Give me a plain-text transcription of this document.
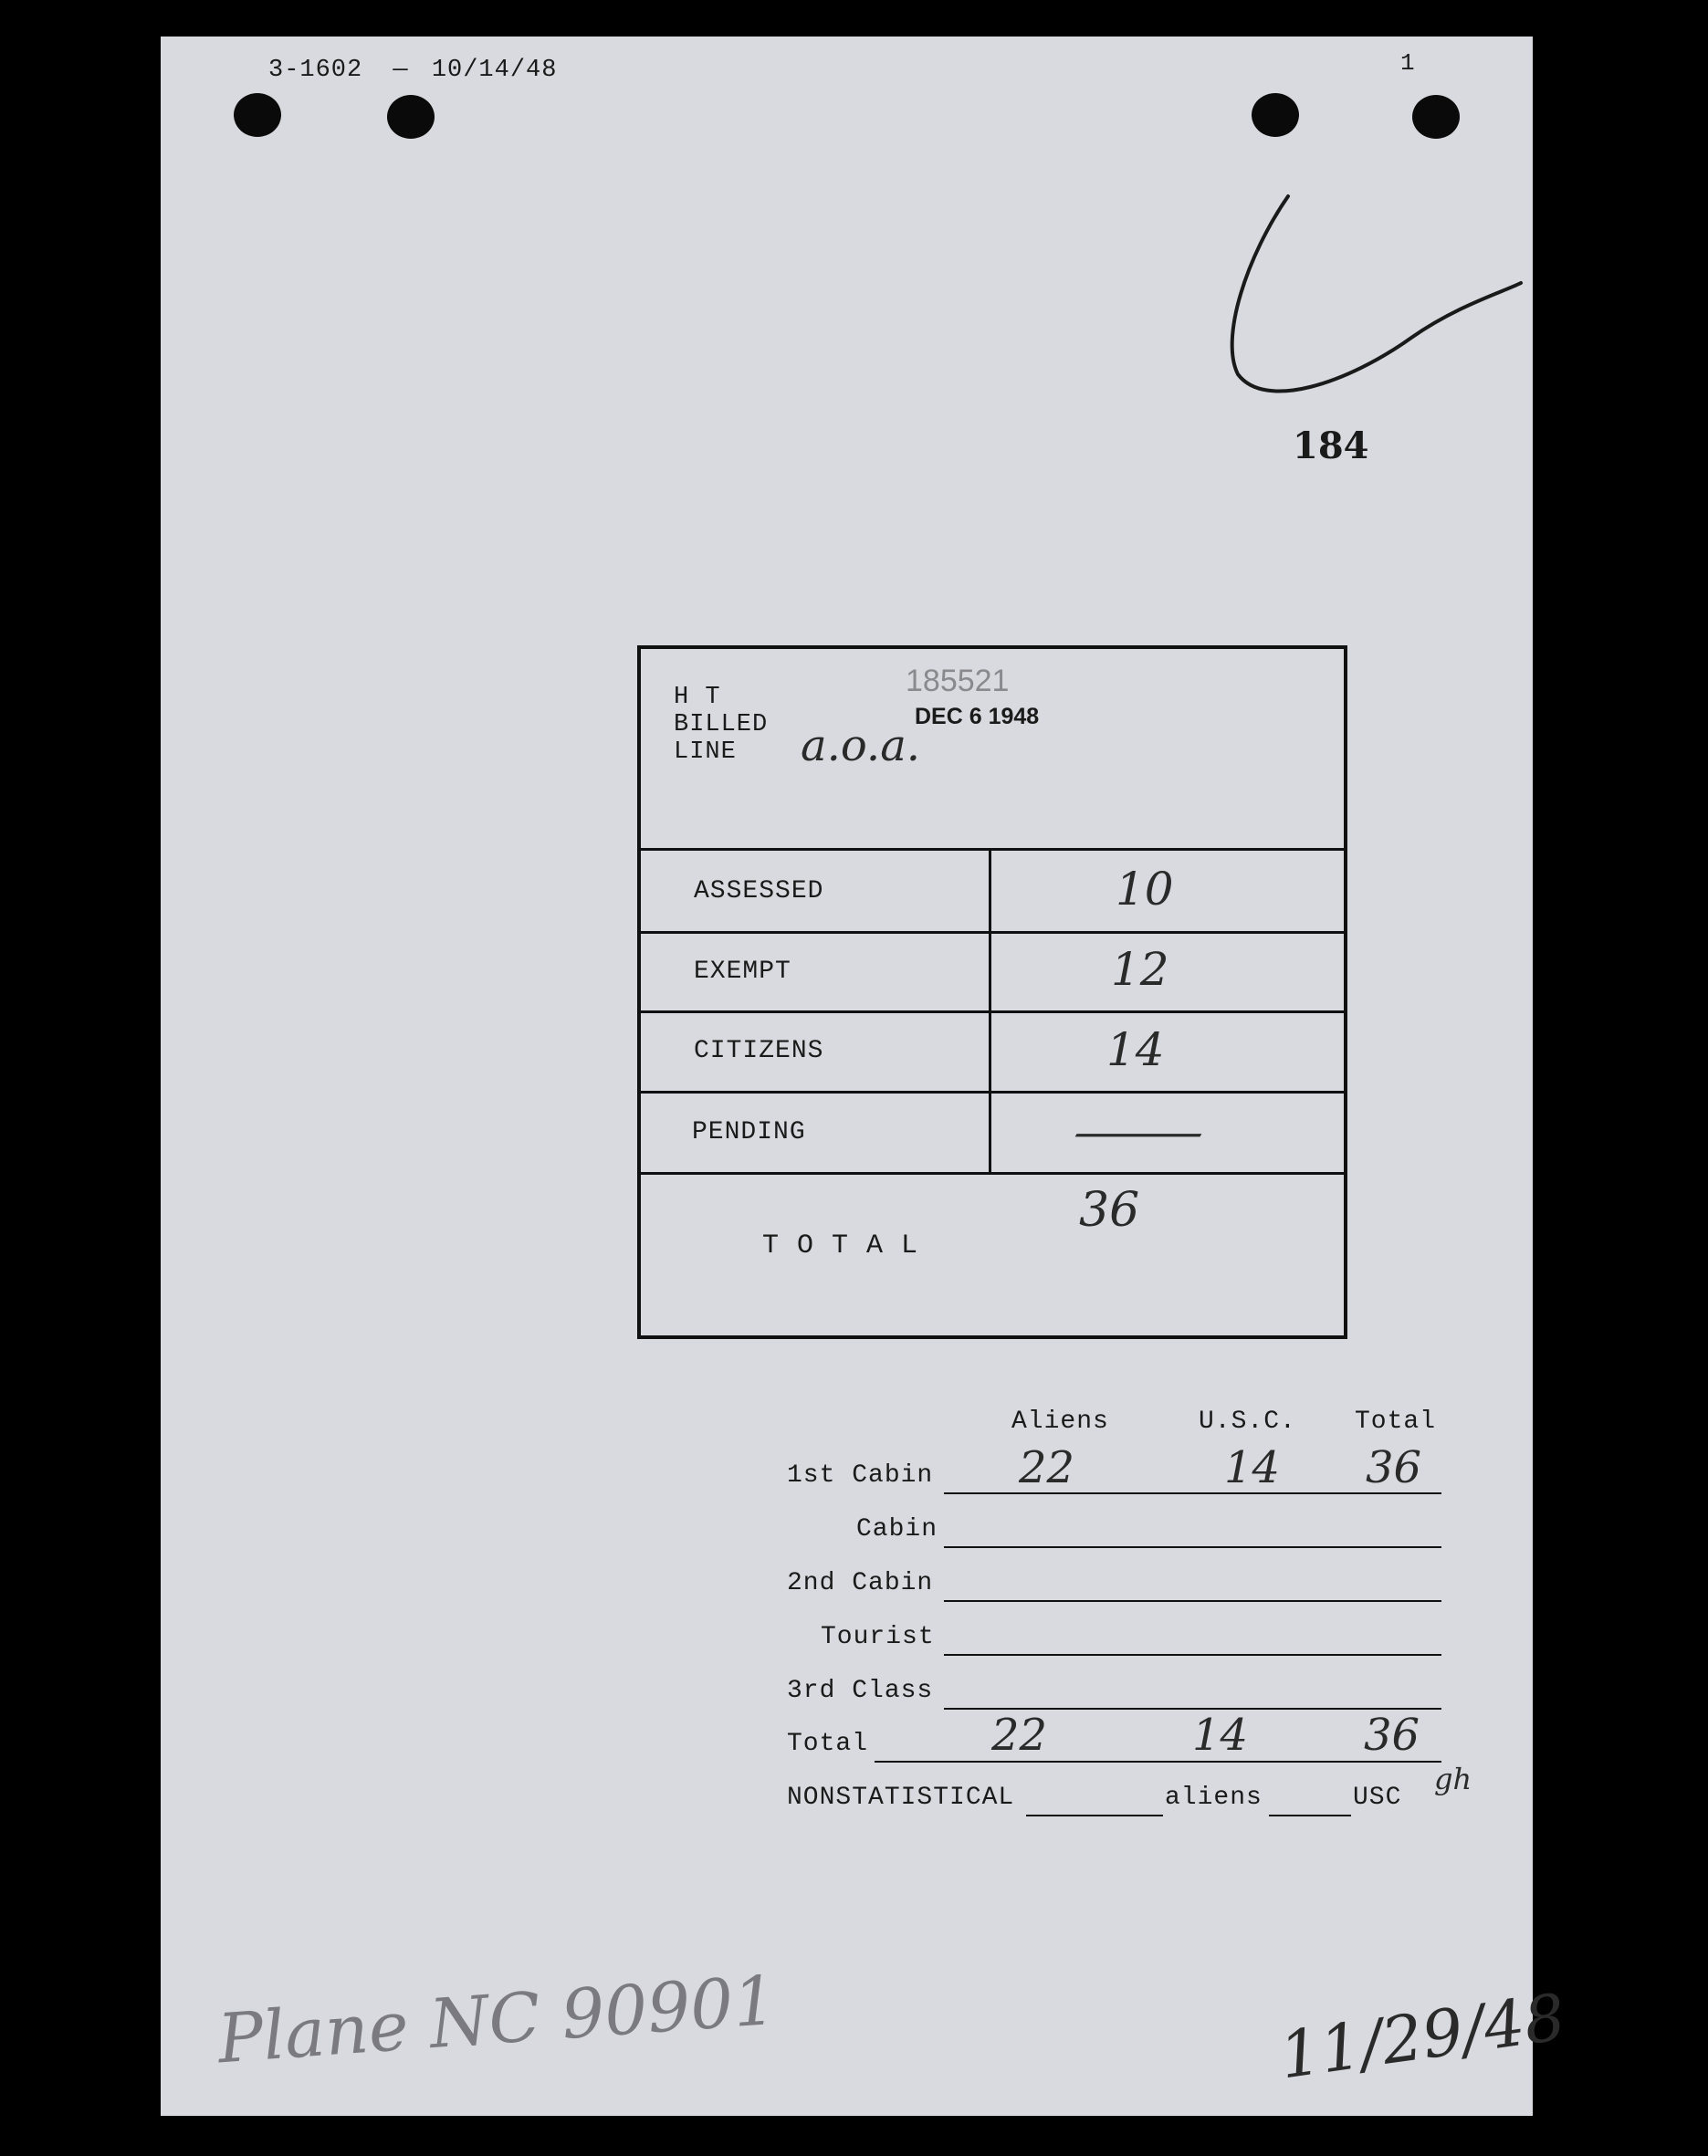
3-1602 — 10/14/48	1
184
H T
BILLED
LINE
185521
DEC 6 1948
a.o.a.
ASSESSED	10
EXEMPT	12
CITIZENS	14
PENDING	—
T O T A L
36
Aliens	U.S.C. Total
1st Cabin 22	14 36
Cabin
2nd Cabin
Tourist
3rd Class
Total	22	14	36
NONSTATISTICAL	aliens	USC
gh
Plane NC 90901	11/29/48
